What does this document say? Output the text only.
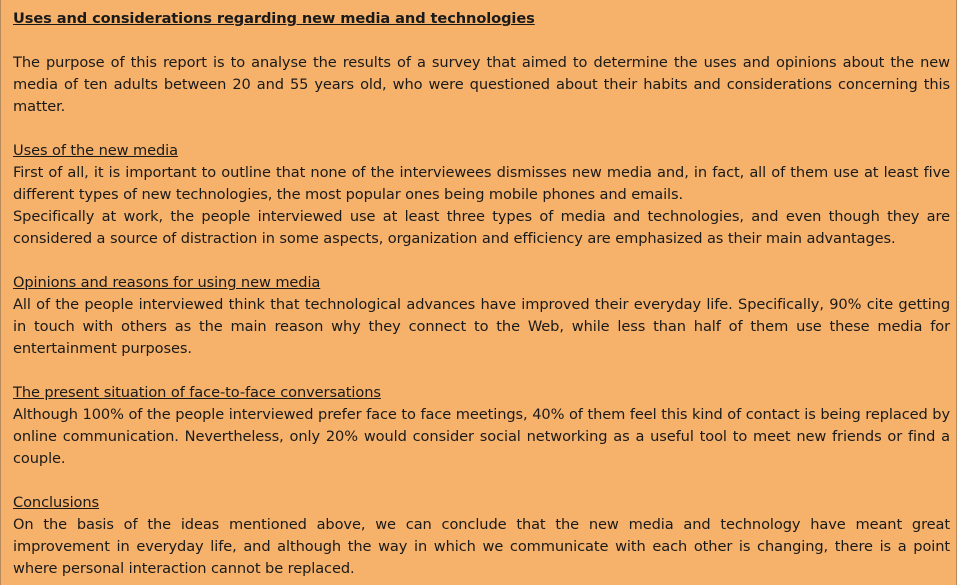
Uses and considerations regarding new media and technologies

The purpose of this report is to analyse the results of a survey that aimed to determine the uses and opinions about the new media of ten adults between 20 and 55 years old, who were questioned about their habits and considerations concerning this matter.

Uses of the new media

First of all, it is important to outline that none of the interviewees dismisses new media and, in fact, all of them use at least five different types of new technologies, the most popular ones being mobile phones and emails.

Specifically at work, the people interviewed use at least three types of media and technologies, and even though they are considered a source of distraction in some aspects, organization and efficiency are emphasized as their main advantages.

Opinions and reasons for using new media

All of the people interviewed think that technological advances have improved their everyday life. Specifically, 90% cite getting in touch with others as the main reason why they connect to the Web, while less than half of them use these media for entertainment purposes.

The present situation of face-to-face conversations

Although 100% of the people interviewed prefer face to face meetings, 40% of them feel this kind of contact is being replaced by online communication. Nevertheless, only 20% would consider social networking as a useful tool to meet new friends or find a couple.

Conclusions

On the basis of the ideas mentioned above, we can conclude that the new media and technology have meant great improvement in everyday life, and although the way in which we communicate with each other is changing, there is a point where personal interaction cannot be replaced.
